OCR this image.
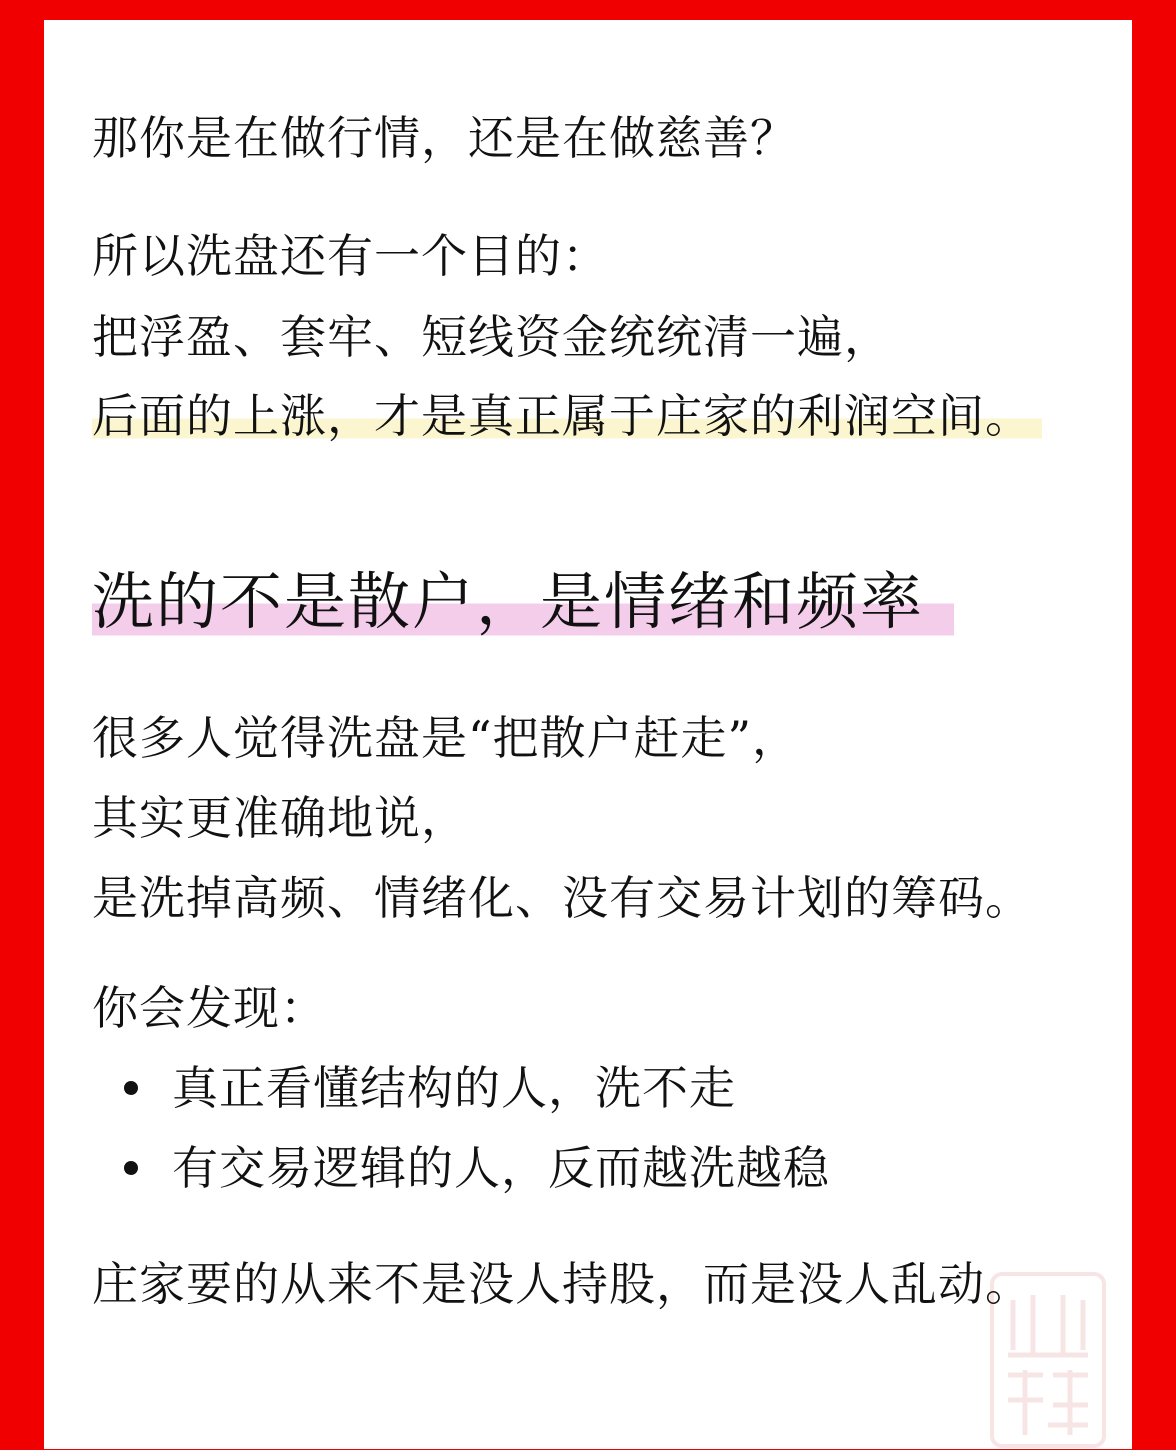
那你是在做行情，还是在做慈善？
所以洗盘还有一个目的：
把浮盈、套牢、短线资金统统清一遍，
后面的上涨，才是真正属于庄家的利润空间。
洗的不是散户，是情绪和频率
很多人觉得洗盘是“把散户赶走”，
其实更准确地说，
是洗掉高频、情绪化、没有交易计划的筹码。
你会发现：
真正看懂结构的人，洗不走
有交易逻辑的人，反而越洗越稳
庄家要的从来不是没人持股，而是没人乱动。
